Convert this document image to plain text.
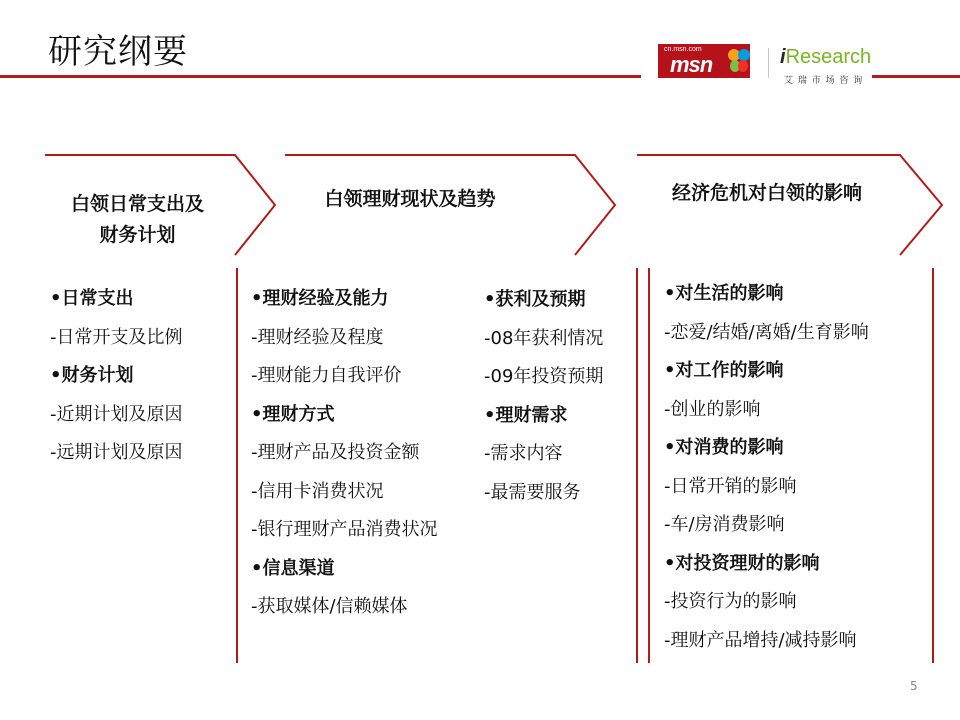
研究纲要	cn.msn.com
msn	iResearch
艾 瑞 市 场 咨 询
白领日常支出及
财务计划
白领理财现状及趋势	经济危机对白领的影响
•日常支出
-日常开支及比例
•财务计划
-近期计划及原因
-远期计划及原因
•理财经验及能力
-理财经验及程度
-理财能力自我评价
•理财方式
-理财产品及投资金额
-信用卡消费状况
-银行理财产品消费状况
•信息渠道
-获取媒体/信赖媒体
•获利及预期
-08年获利情况
-09年投资预期
•理财需求
-需求内容
-最需要服务
•对生活的影响
-恋爱/结婚/离婚/生育影响
•对工作的影响
-创业的影响
•对消费的影响
-日常开销的影响
-车/房消费影响
•对投资理财的影响
-投资行为的影响
-理财产品增持/减持影响
5
